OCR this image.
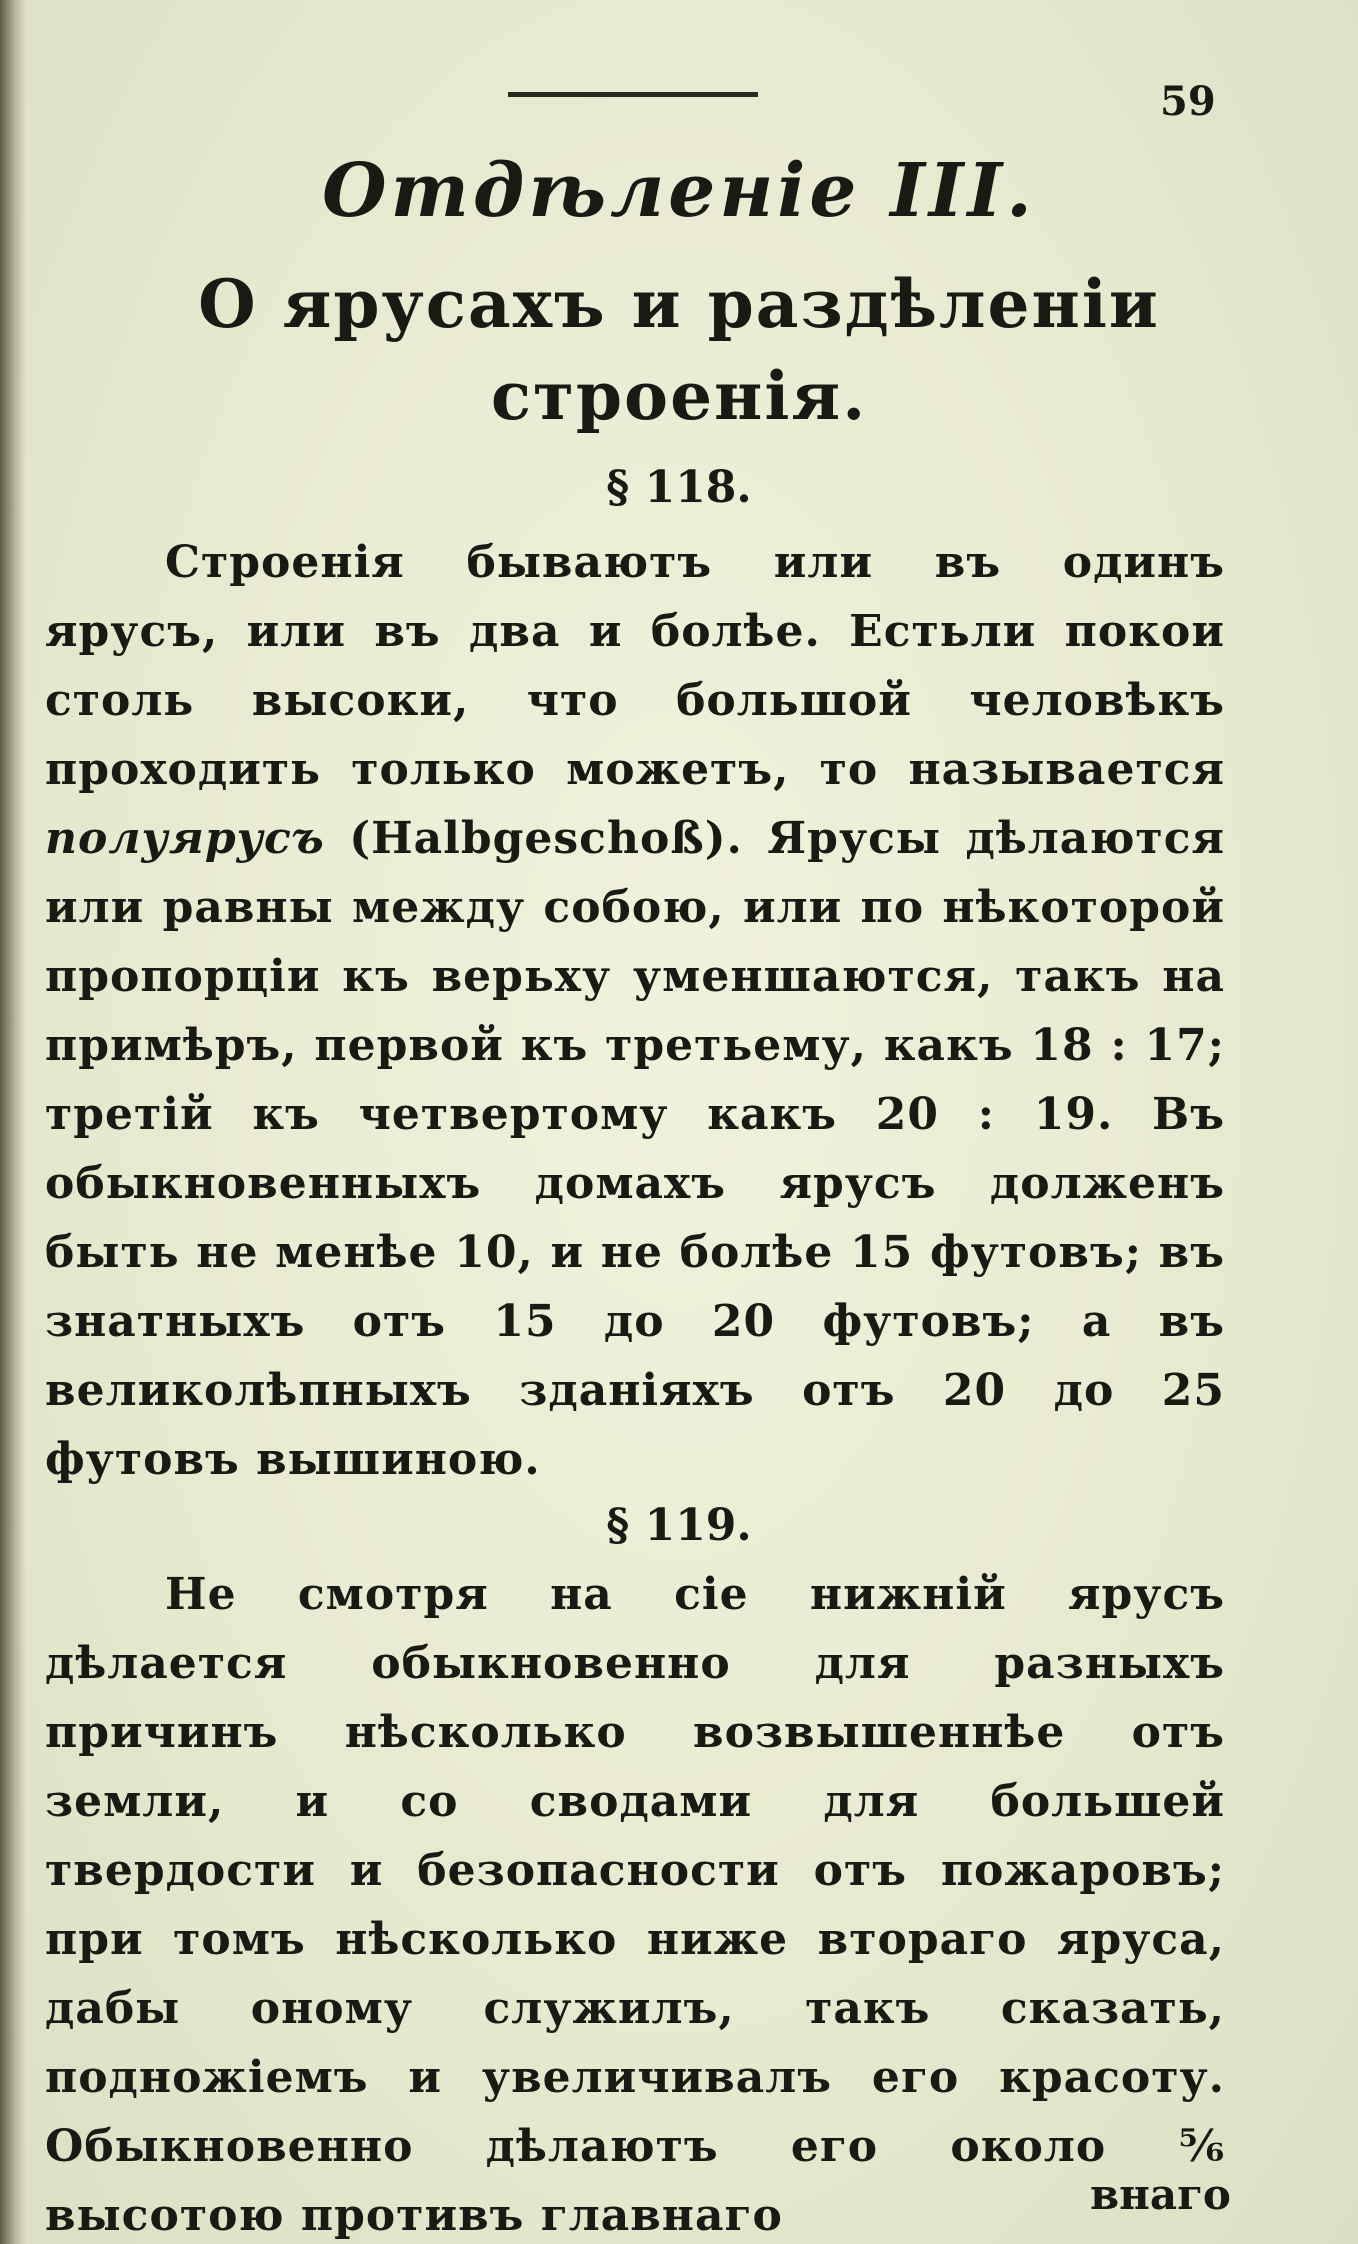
59
Отдѣленіе III.
О ярусахъ и раздѣленіи
строенія.
§ 118.

Строенія бываютъ или въ одинъ ярусъ, или въ два и болѣе. Естьли покои столь высоки, что большой человѣкъ проходить только можетъ, то называется полуярусъ (Halbgeschoß). Ярусы дѣлаются или равны между собою, или по нѣкоторой пропорціи къ верьху уменшаются, такъ на примѣръ, первой къ третьему, какъ 18 : 17; третій къ четвертому какъ 20 : 19. Въ обыкновенныхъ домахъ ярусъ долженъ быть не менѣе 10, и не болѣе 15 футовъ; въ знатныхъ отъ 15 до 20 футовъ; а въ великолѣпныхъ зданіяхъ отъ 20 до 25 футовъ вышиною.

§ 119.

Не смотря на сіе нижній ярусъ дѣлается обыкновенно для разныхъ причинъ нѣсколько возвышеннѣе отъ земли, и со сводами для большей твердости и безопасности отъ пожаровъ; при томъ нѣсколько ниже втораго яруса, дабы оному служилъ, такъ сказать, подножіемъ и увеличивалъ его красоту. Обыкновенно дѣлаютъ его около ⅚ высотою противъ главнаго	внаго
